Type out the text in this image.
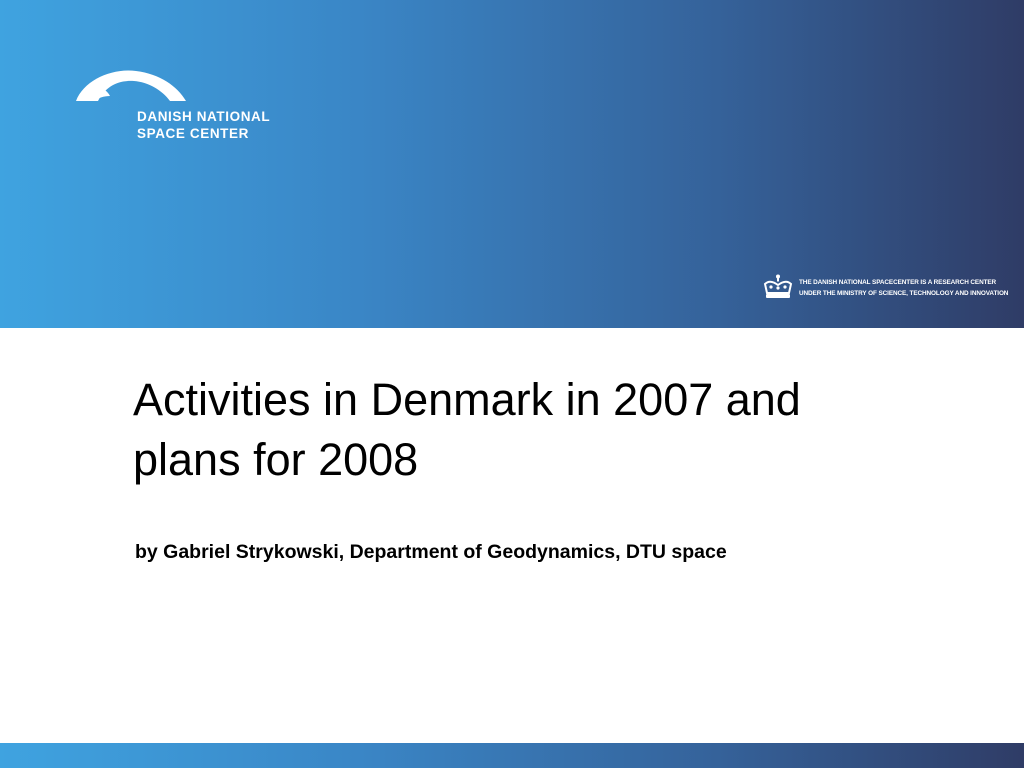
DANISH NATIONAL
SPACE CENTER
THE DANISH NATIONAL SPACECENTER IS A RESEARCH CENTER
UNDER THE MINISTRY OF SCIENCE, TECHNOLOGY AND INNOVATION
Activities in Denmark in 2007 and
plans for 2008

by Gabriel Strykowski, Department of Geodynamics, DTU space
